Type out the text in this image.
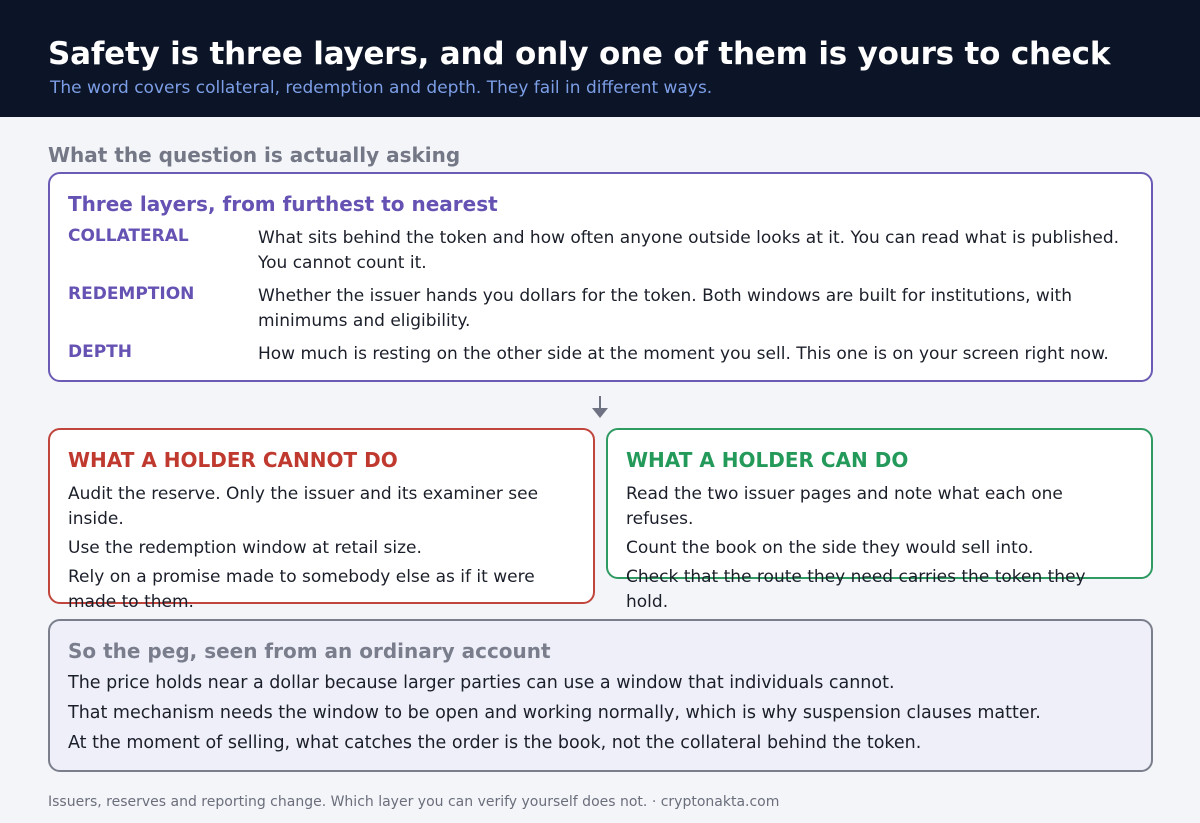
Safety is three layers, and only one of them is yours to check
The word covers collateral, redemption and depth. They fail in different ways.
What the question is actually asking
Three layers, from furthest to nearest
COLLATERAL	What sits behind the token and how often anyone outside looks at it. You can read what is published. You cannot count it.
REDEMPTION	Whether the issuer hands you dollars for the token. Both windows are built for institutions, with minimums and eligibility.
DEPTH	How much is resting on the other side at the moment you sell. This one is on your screen right now.
WHAT A HOLDER CANNOT DO
Audit the reserve. Only the issuer and its examiner see inside.
Use the redemption window at retail size.
Rely on a promise made to somebody else as if it were made to them.
WHAT A HOLDER CAN DO
Read the two issuer pages and note what each one refuses.
Count the book on the side they would sell into.
Check that the route they need carries the token they hold.
So the peg, seen from an ordinary account
The price holds near a dollar because larger parties can use a window that individuals cannot.
That mechanism needs the window to be open and working normally, which is why suspension clauses matter.
At the moment of selling, what catches the order is the book, not the collateral behind the token.
Issuers, reserves and reporting change. Which layer you can verify yourself does not. · cryptonakta.com
